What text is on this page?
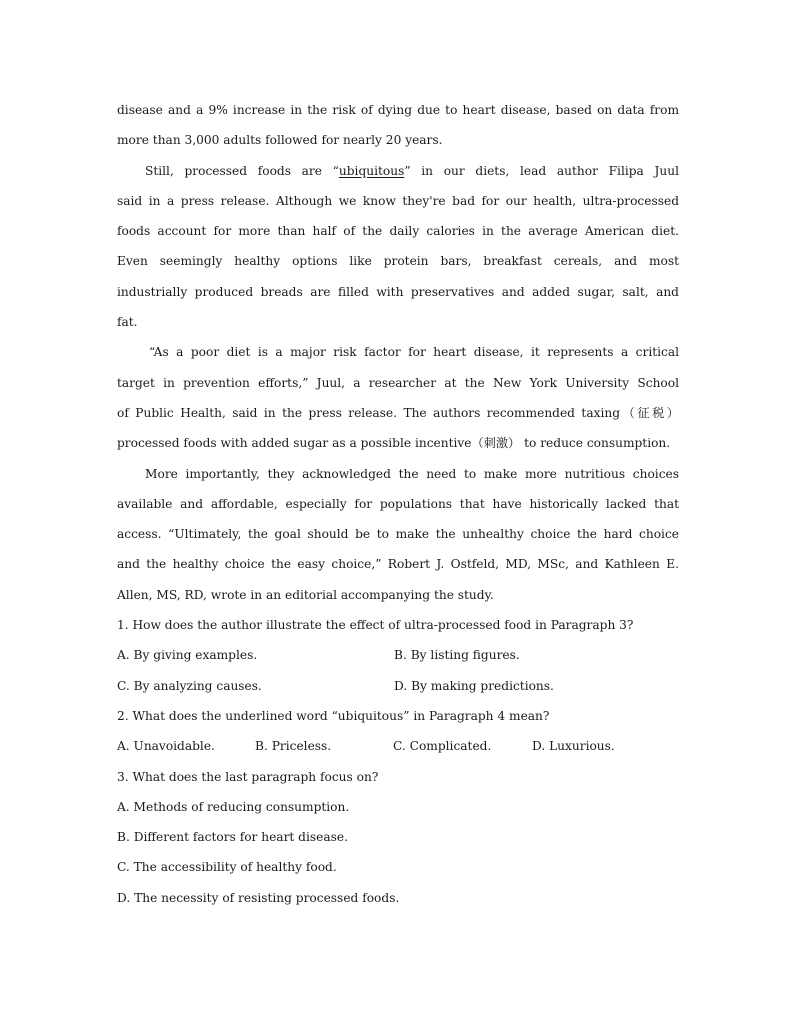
disease and a 9% increase in the risk of dying due to heart disease, based on data from
more than 3,000 adults followed for nearly 20 years.
Still, processed foods are “ubiquitous” in our diets, lead author Filipa Juul
said in a press release. Although we know they're bad for our health, ultra-processed
foods account for more than half of the daily calories in the average American diet.
Even seemingly healthy options like protein bars, breakfast cereals, and most
industrially produced breads are filled with preservatives and added sugar, salt, and
fat.
“As a poor diet is a major risk factor for heart disease, it represents a critical
target in prevention efforts,” Juul, a researcher at the New York University School
of Public Health, said in the press release. The authors recommended taxing（征税）
processed foods with added sugar as a possible incentive（刺激） to reduce consumption.
More importantly, they acknowledged the need to make more nutritious choices
available and affordable, especially for populations that have historically lacked that
access. “Ultimately, the goal should be to make the unhealthy choice the hard choice
and the healthy choice the easy choice,” Robert J. Ostfeld, MD, MSc, and Kathleen E.
Allen, MS, RD, wrote in an editorial accompanying the study.
1. How does the author illustrate the effect of ultra-processed food in Paragraph 3?
A. By giving examples.	B. By listing figures.
C. By analyzing causes.	D. By making predictions.
2. What does the underlined word “ubiquitous” in Paragraph 4 mean?
A. Unavoidable.	B. Priceless.	C. Complicated.	D. Luxurious.
3. What does the last paragraph focus on?
A. Methods of reducing consumption.
B. Different factors for heart disease.
C. The accessibility of healthy food.
D. The necessity of resisting processed foods.
